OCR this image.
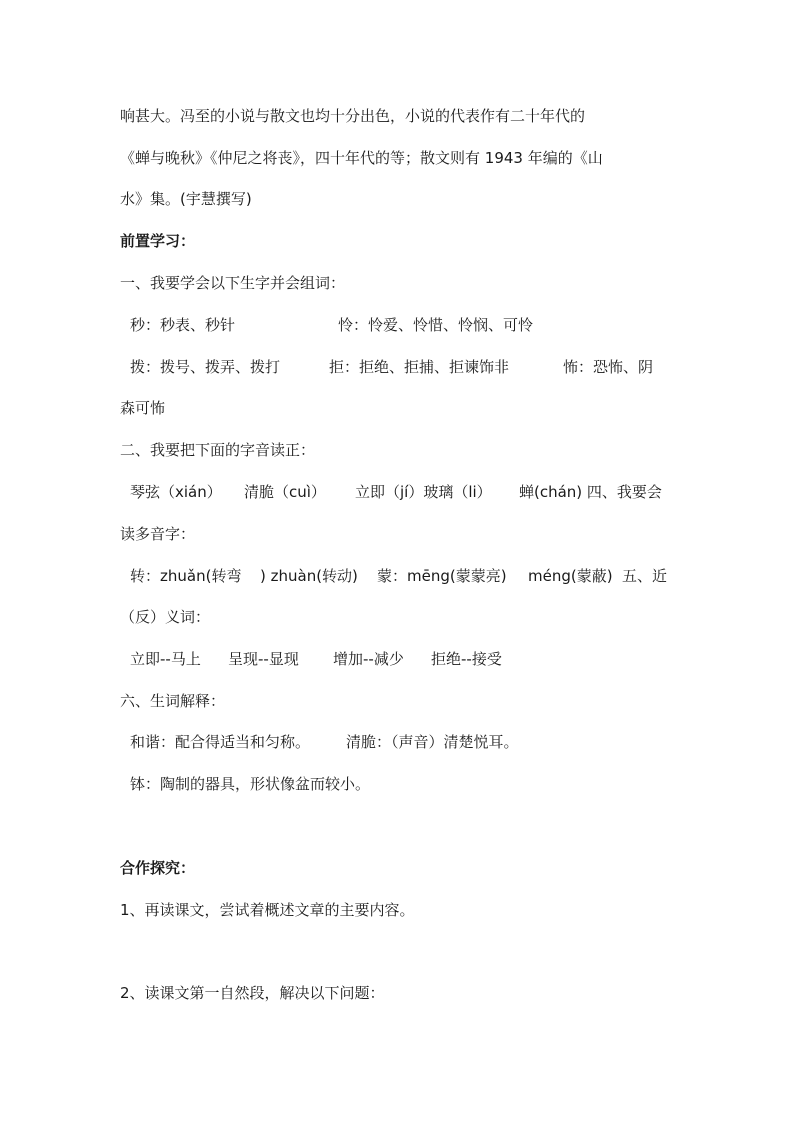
响甚大。冯至的小说与散文也均十分出色，小说的代表作有二十年代的
《蝉与晚秋》《仲尼之将丧》，四十年代的等；散文则有 1943 年编的《山
水》集。(宇慧撰写)
前置学习：
一、我要学会以下生字并会组词：
秒：秒表、秒针	怜：怜爱、怜惜、怜悯、可怜
拨：拨号、拨弄、拨打	拒：拒绝、拒捕、拒谏饰非	怖：恐怖、阴
森可怖
二、我要把下面的字音读正：
琴弦（xián） 清脆（cuì） 立即（jí）玻璃（li） 蝉(chán) 四、我要会
读多音字：
转：zhuǎn(转弯 ) zhuàn(转动) 蒙：mēng(蒙蒙亮) méng(蒙蔽) 五、近
（反）义词：
立即--马上 呈现--显现 增加--减少 拒绝--接受
六、生词解释：
和谐：配合得适当和匀称。 清脆：（声音）清楚悦耳。
钵：陶制的器具，形状像盆而较小。
合作探究：
1、再读课文，尝试着概述文章的主要内容。
2、读课文第一自然段，解决以下问题：
